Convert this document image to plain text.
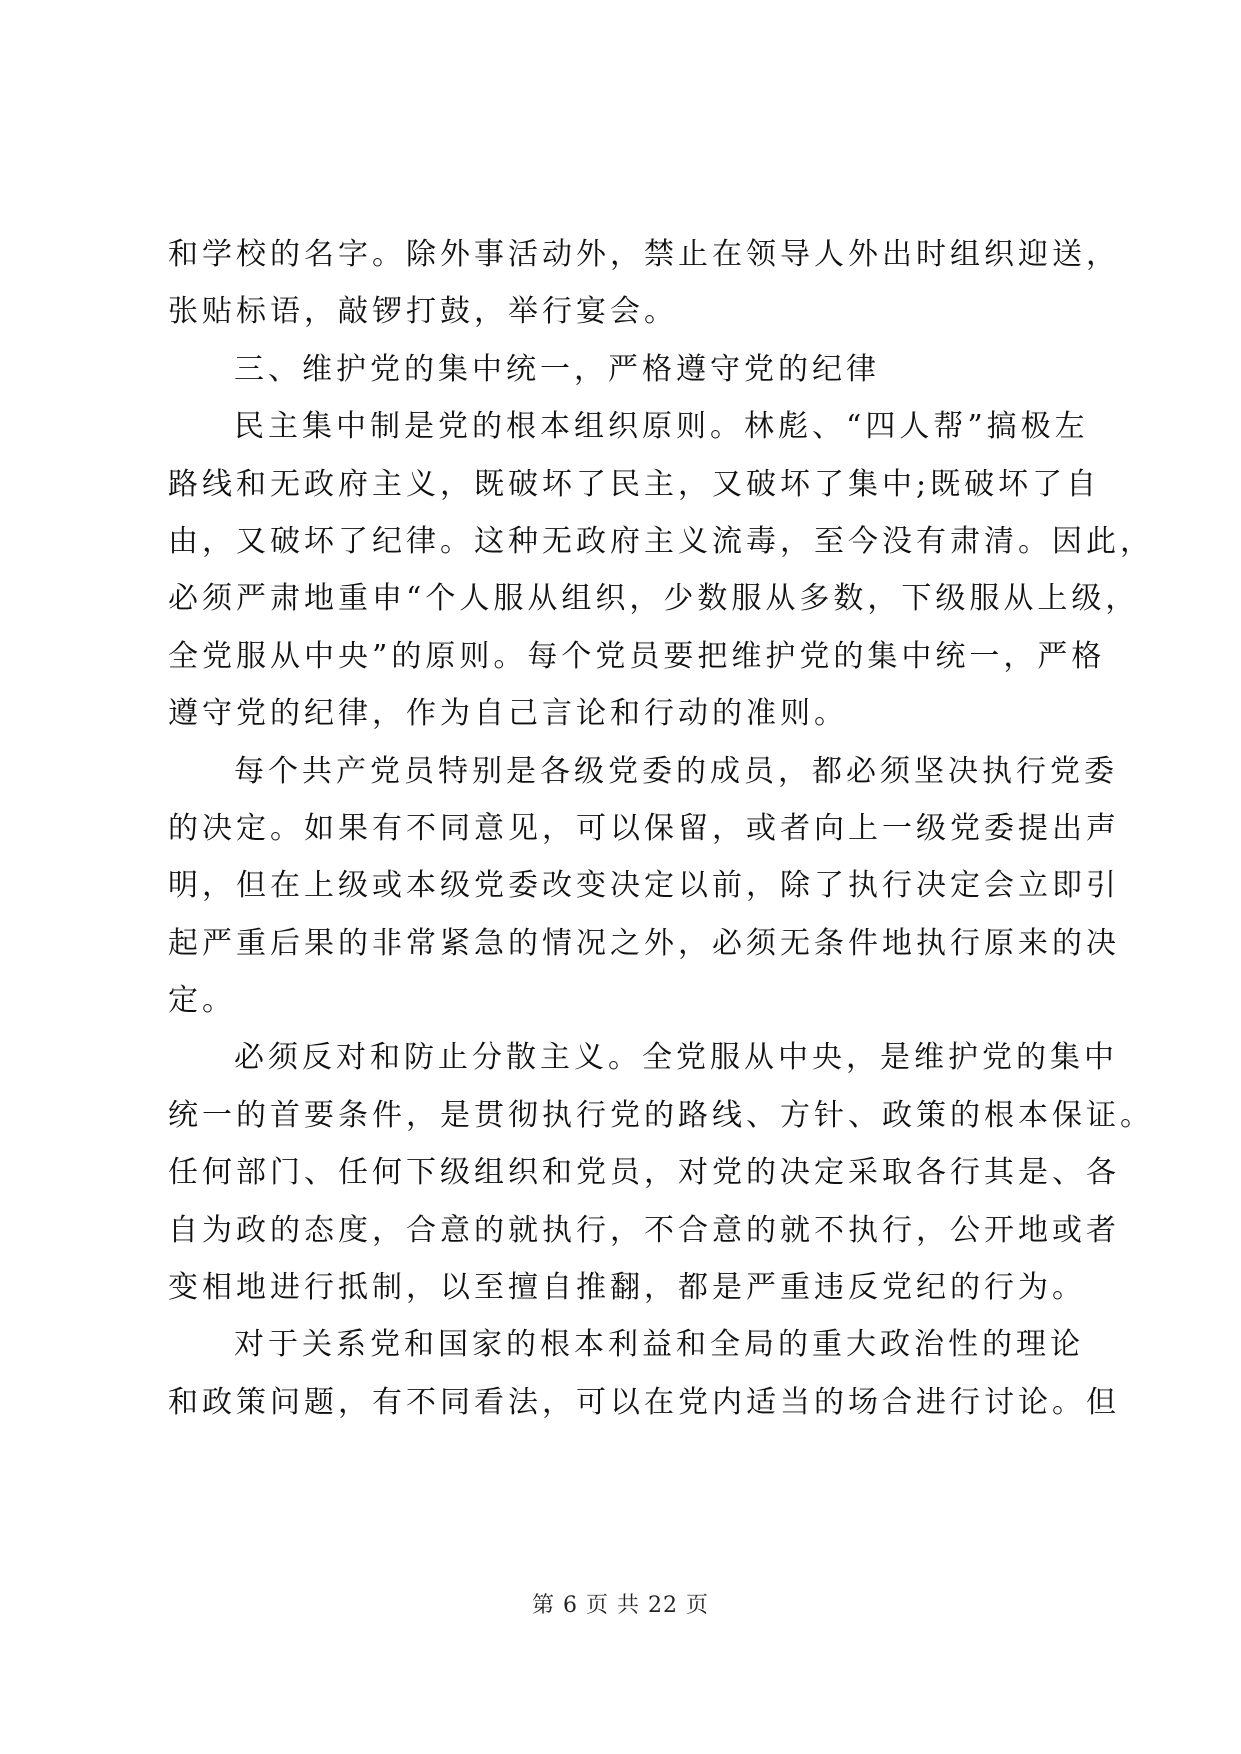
和学校的名字。除外事活动外，禁止在领导人外出时组织迎送，
张贴标语，敲锣打鼓，举行宴会。
三、维护党的集中统一，严格遵守党的纪律
民主集中制是党的根本组织原则。林彪、“四人帮”搞极左
路线和无政府主义，既破坏了民主，又破坏了集中;既破坏了自
由，又破坏了纪律。这种无政府主义流毒，至今没有肃清。因此，
必须严肃地重申“个人服从组织，少数服从多数，下级服从上级，
全党服从中央”的原则。每个党员要把维护党的集中统一，严格
遵守党的纪律，作为自己言论和行动的准则。
每个共产党员特别是各级党委的成员，都必须坚决执行党委
的决定。如果有不同意见，可以保留，或者向上一级党委提出声
明，但在上级或本级党委改变决定以前，除了执行决定会立即引
起严重后果的非常紧急的情况之外，必须无条件地执行原来的决
定。
必须反对和防止分散主义。全党服从中央，是维护党的集中
统一的首要条件，是贯彻执行党的路线、方针、政策的根本保证。
任何部门、任何下级组织和党员，对党的决定采取各行其是、各
自为政的态度，合意的就执行，不合意的就不执行，公开地或者
变相地进行抵制，以至擅自推翻，都是严重违反党纪的行为。
对于关系党和国家的根本利益和全局的重大政治性的理论
和政策问题，有不同看法，可以在党内适当的场合进行讨论。但
第 6 页 共 22 页
